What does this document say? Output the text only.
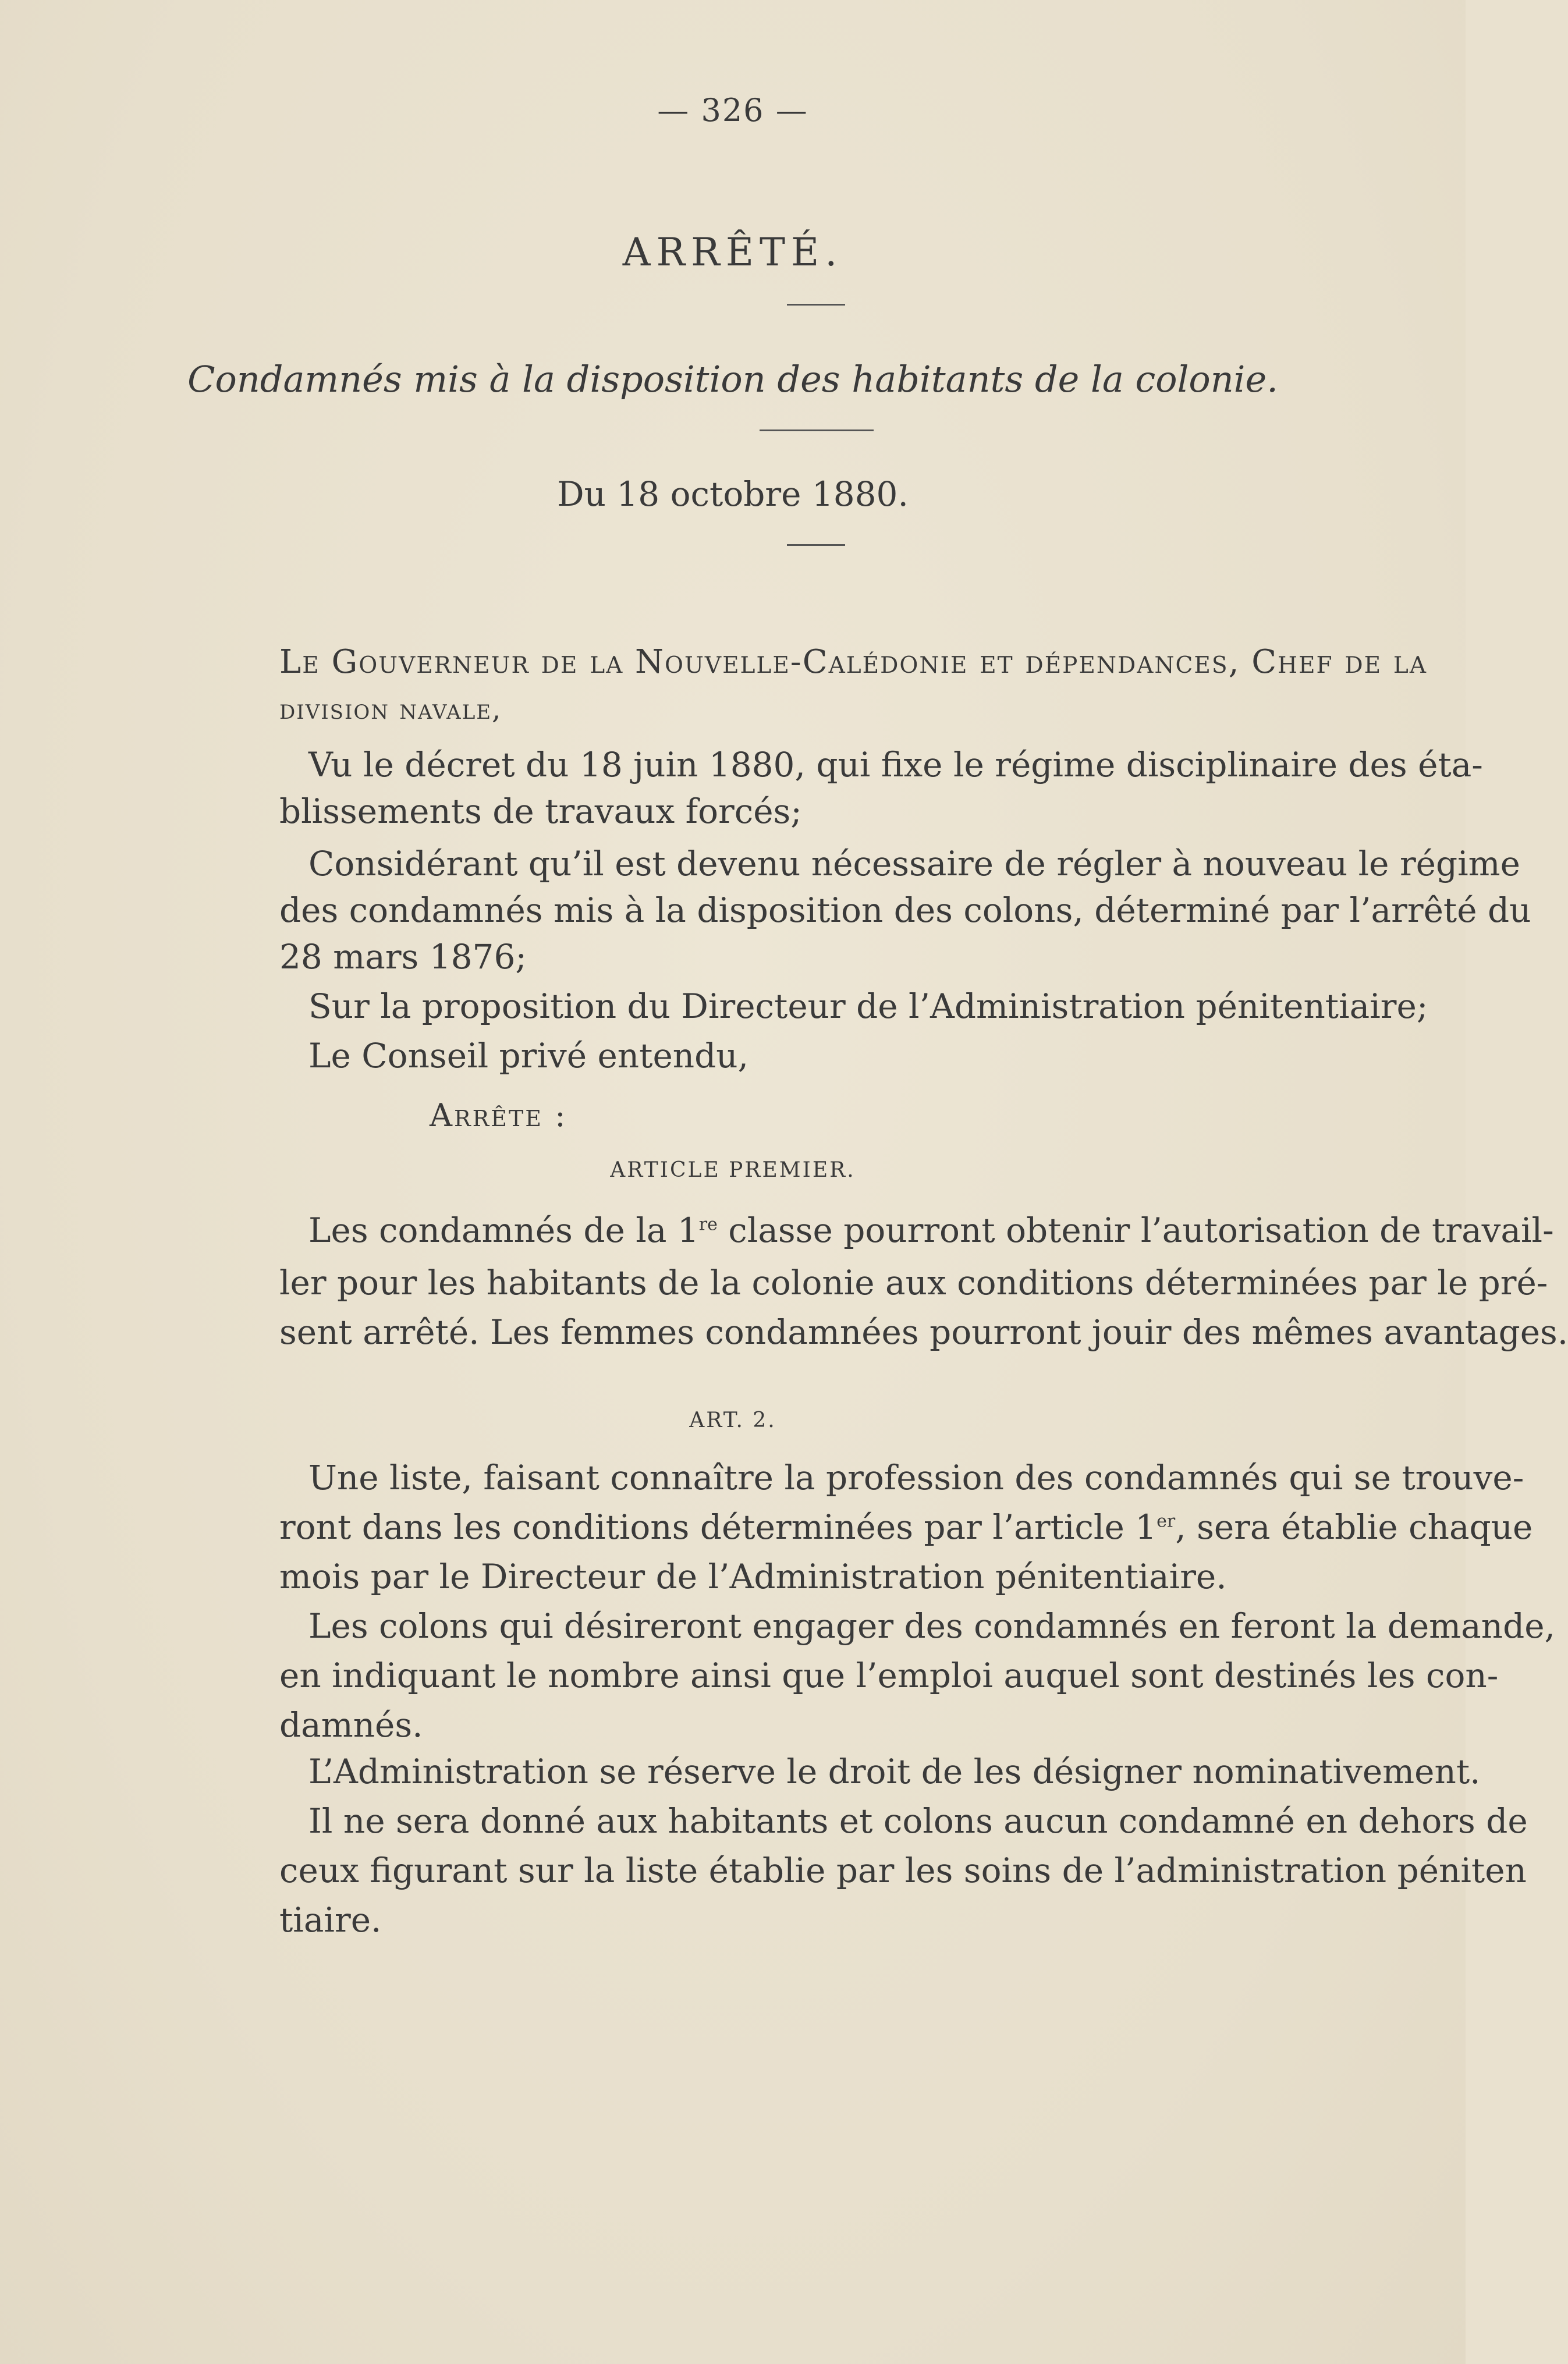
— 326 —
ARRÊTÉ.
Condamnés mis à la disposition des habitants de la colonie.
Du 18 octobre 1880.
Le Gouverneur de la Nouvelle-Calédonie et dépendances, Chef de la
division navale,
Vu le décret du 18 juin 1880, qui fixe le régime disciplinaire des éta-
blissements de travaux forcés;
Considérant qu’il est devenu nécessaire de régler à nouveau le régime
des condamnés mis à la disposition des colons, déterminé par l’arrêté du
28 mars 1876;
Sur la proposition du Directeur de l’Administration pénitentiaire;
Le Conseil privé entendu,
Arrête :
ARTICLE PREMIER.
Les condamnés de la 1re classe pourront obtenir l’autorisation de travail-
ler pour les habitants de la colonie aux conditions déterminées par le pré-
sent arrêté. Les femmes condamnées pourront jouir des mêmes avantages.
ART. 2.
Une liste, faisant connaître la profession des condamnés qui se trouve-
ront dans les conditions déterminées par l’article 1er, sera établie chaque
mois par le Directeur de l’Administration pénitentiaire.
Les colons qui désireront engager des condamnés en feront la demande,
en indiquant le nombre ainsi que l’emploi auquel sont destinés les con-
damnés.
L’Administration se réserve le droit de les désigner nominativement.
Il ne sera donné aux habitants et colons aucun condamné en dehors de
ceux figurant sur la liste établie par les soins de l’administration péniten
tiaire.
